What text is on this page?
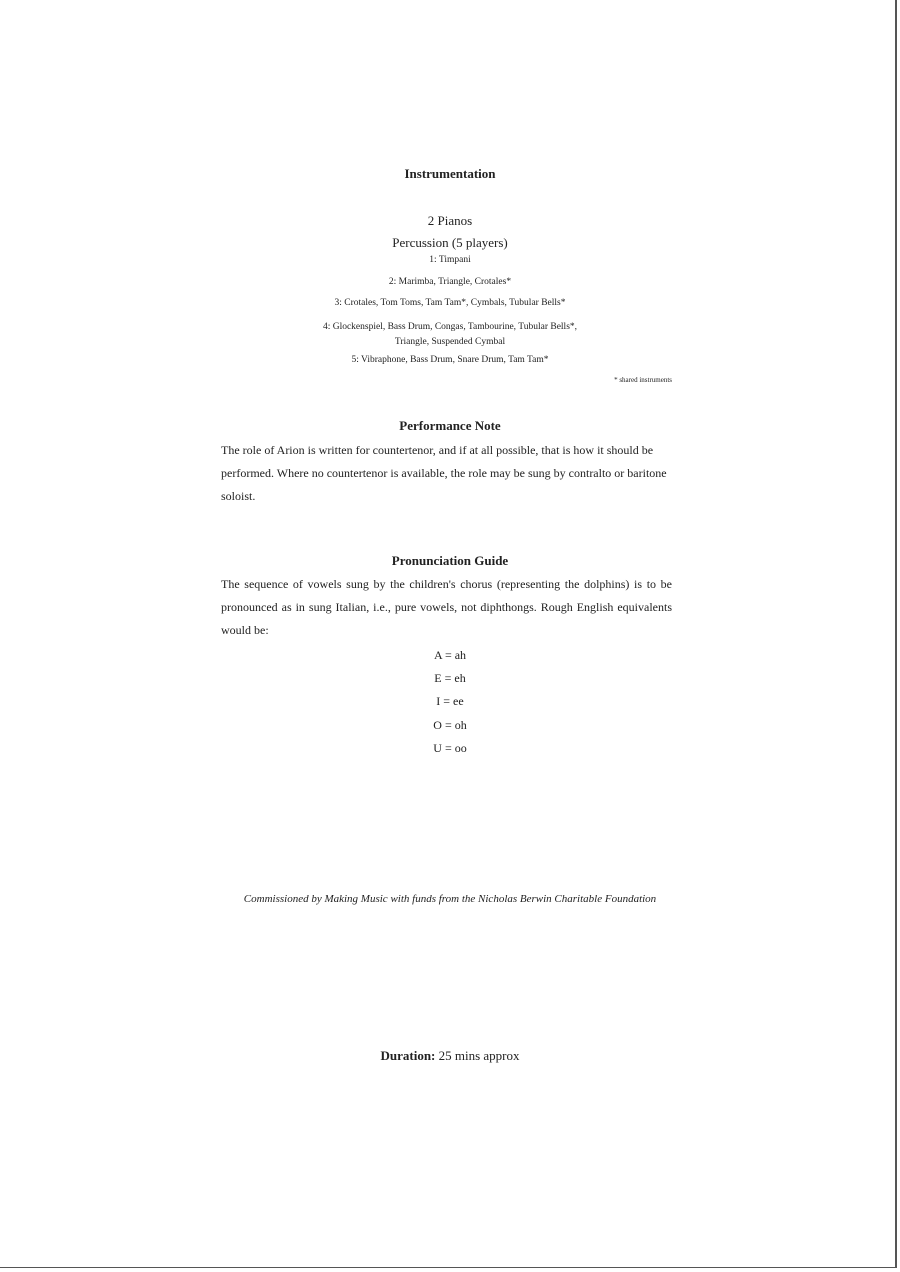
Instrumentation
2 Pianos
Percussion (5 players)
1: Timpani
2: Marimba, Triangle, Crotales*
3: Crotales, Tom Toms, Tam Tam*, Cymbals, Tubular Bells*
4: Glockenspiel, Bass Drum, Congas, Tambourine, Tubular Bells*,
Triangle, Suspended Cymbal
5: Vibraphone, Bass Drum, Snare Drum, Tam Tam*
* shared instruments
Performance Note
The role of Arion is written for countertenor, and if at all possible, that is how it should be performed. Where no countertenor is available, the role may be sung by contralto or baritone soloist.
Pronunciation Guide
The sequence of vowels sung by the children's chorus (representing the dolphins) is to be pronounced as in sung Italian, i.e., pure vowels, not diphthongs. Rough English equivalents would be:
A = ah
E = eh
I = ee
O = oh
U = oo
Commissioned by Making Music with funds from the Nicholas Berwin Charitable Foundation
Duration: 25 mins approx
